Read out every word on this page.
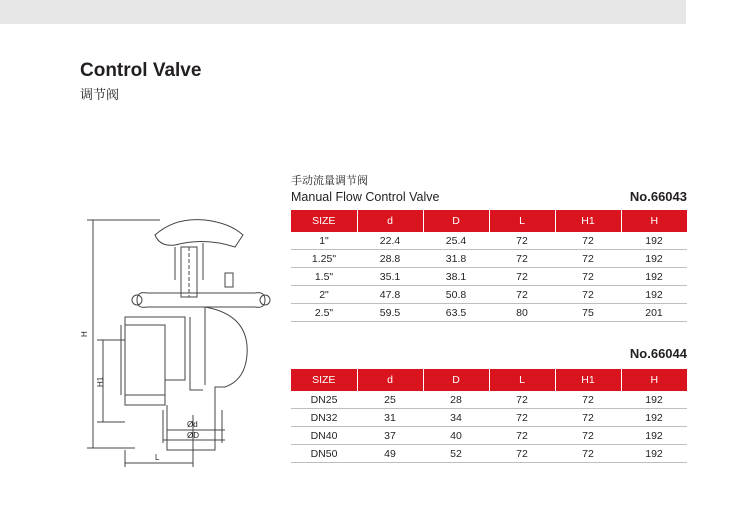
Control Valve
调节阀
H
H1
Ød
ØD
L
手动流量调节阀
Manual Flow Control Valve	No.66043
SIZE	d	D	L	H1	H
1"	22.4	25.4	72	72	192
1.25"	28.8	31.8	72	72	192
1.5"	35.1	38.1	72	72	192
2"	47.8	50.8	72	72	192
2.5"	59.5	63.5	80	75	201
No.66044
SIZE	d	D	L	H1	H
DN25	25	28	72	72	192
DN32	31	34	72	72	192
DN40	37	40	72	72	192
DN50	49	52	72	72	192
